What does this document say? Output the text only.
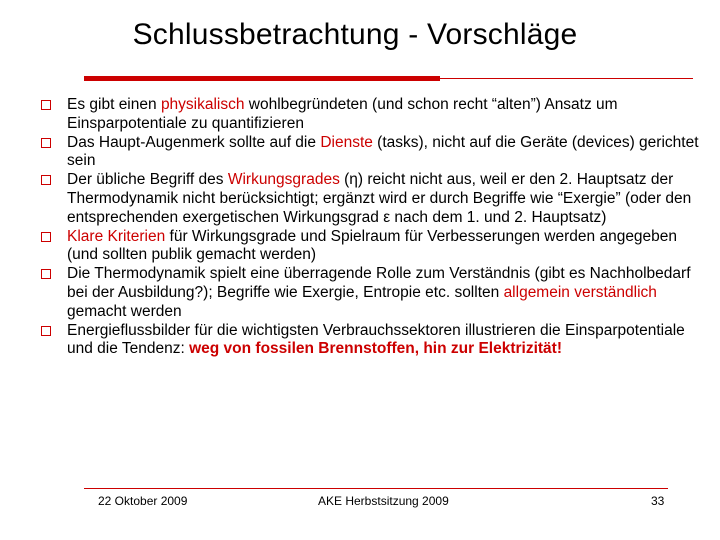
Schlussbetrachtung - Vorschläge
Es gibt einen physikalisch wohlbegründeten (und schon recht “alten”) Ansatz um Einsparpotentiale zu quantifizieren
Das Haupt-Augenmerk sollte auf die Dienste (tasks), nicht auf die Geräte (devices) gerichtet sein
Der übliche Begriff des Wirkungsgrades (η) reicht nicht aus, weil er den 2. Hauptsatz der Thermodynamik nicht berücksichtigt; ergänzt wird er durch Begriffe wie “Exergie” (oder den entsprechenden exergetischen Wirkungsgrad ε nach dem 1. und 2. Hauptsatz)
Klare Kriterien für Wirkungsgrade und Spielraum für Verbesserungen werden angegeben (und sollten publik gemacht werden)
Die Thermodynamik spielt eine überragende Rolle zum Verständnis (gibt es Nachholbedarf bei der Ausbildung?); Begriffe wie Exergie, Entropie etc. sollten allgemein verständlich gemacht werden
Energieflussbilder für die wichtigsten Verbrauchssektoren illustrieren die Einsparpotentiale und die Tendenz: weg von fossilen Brennstoffen, hin zur Elektrizität!
22 Oktober 2009	AKE Herbstsitzung 2009	33
